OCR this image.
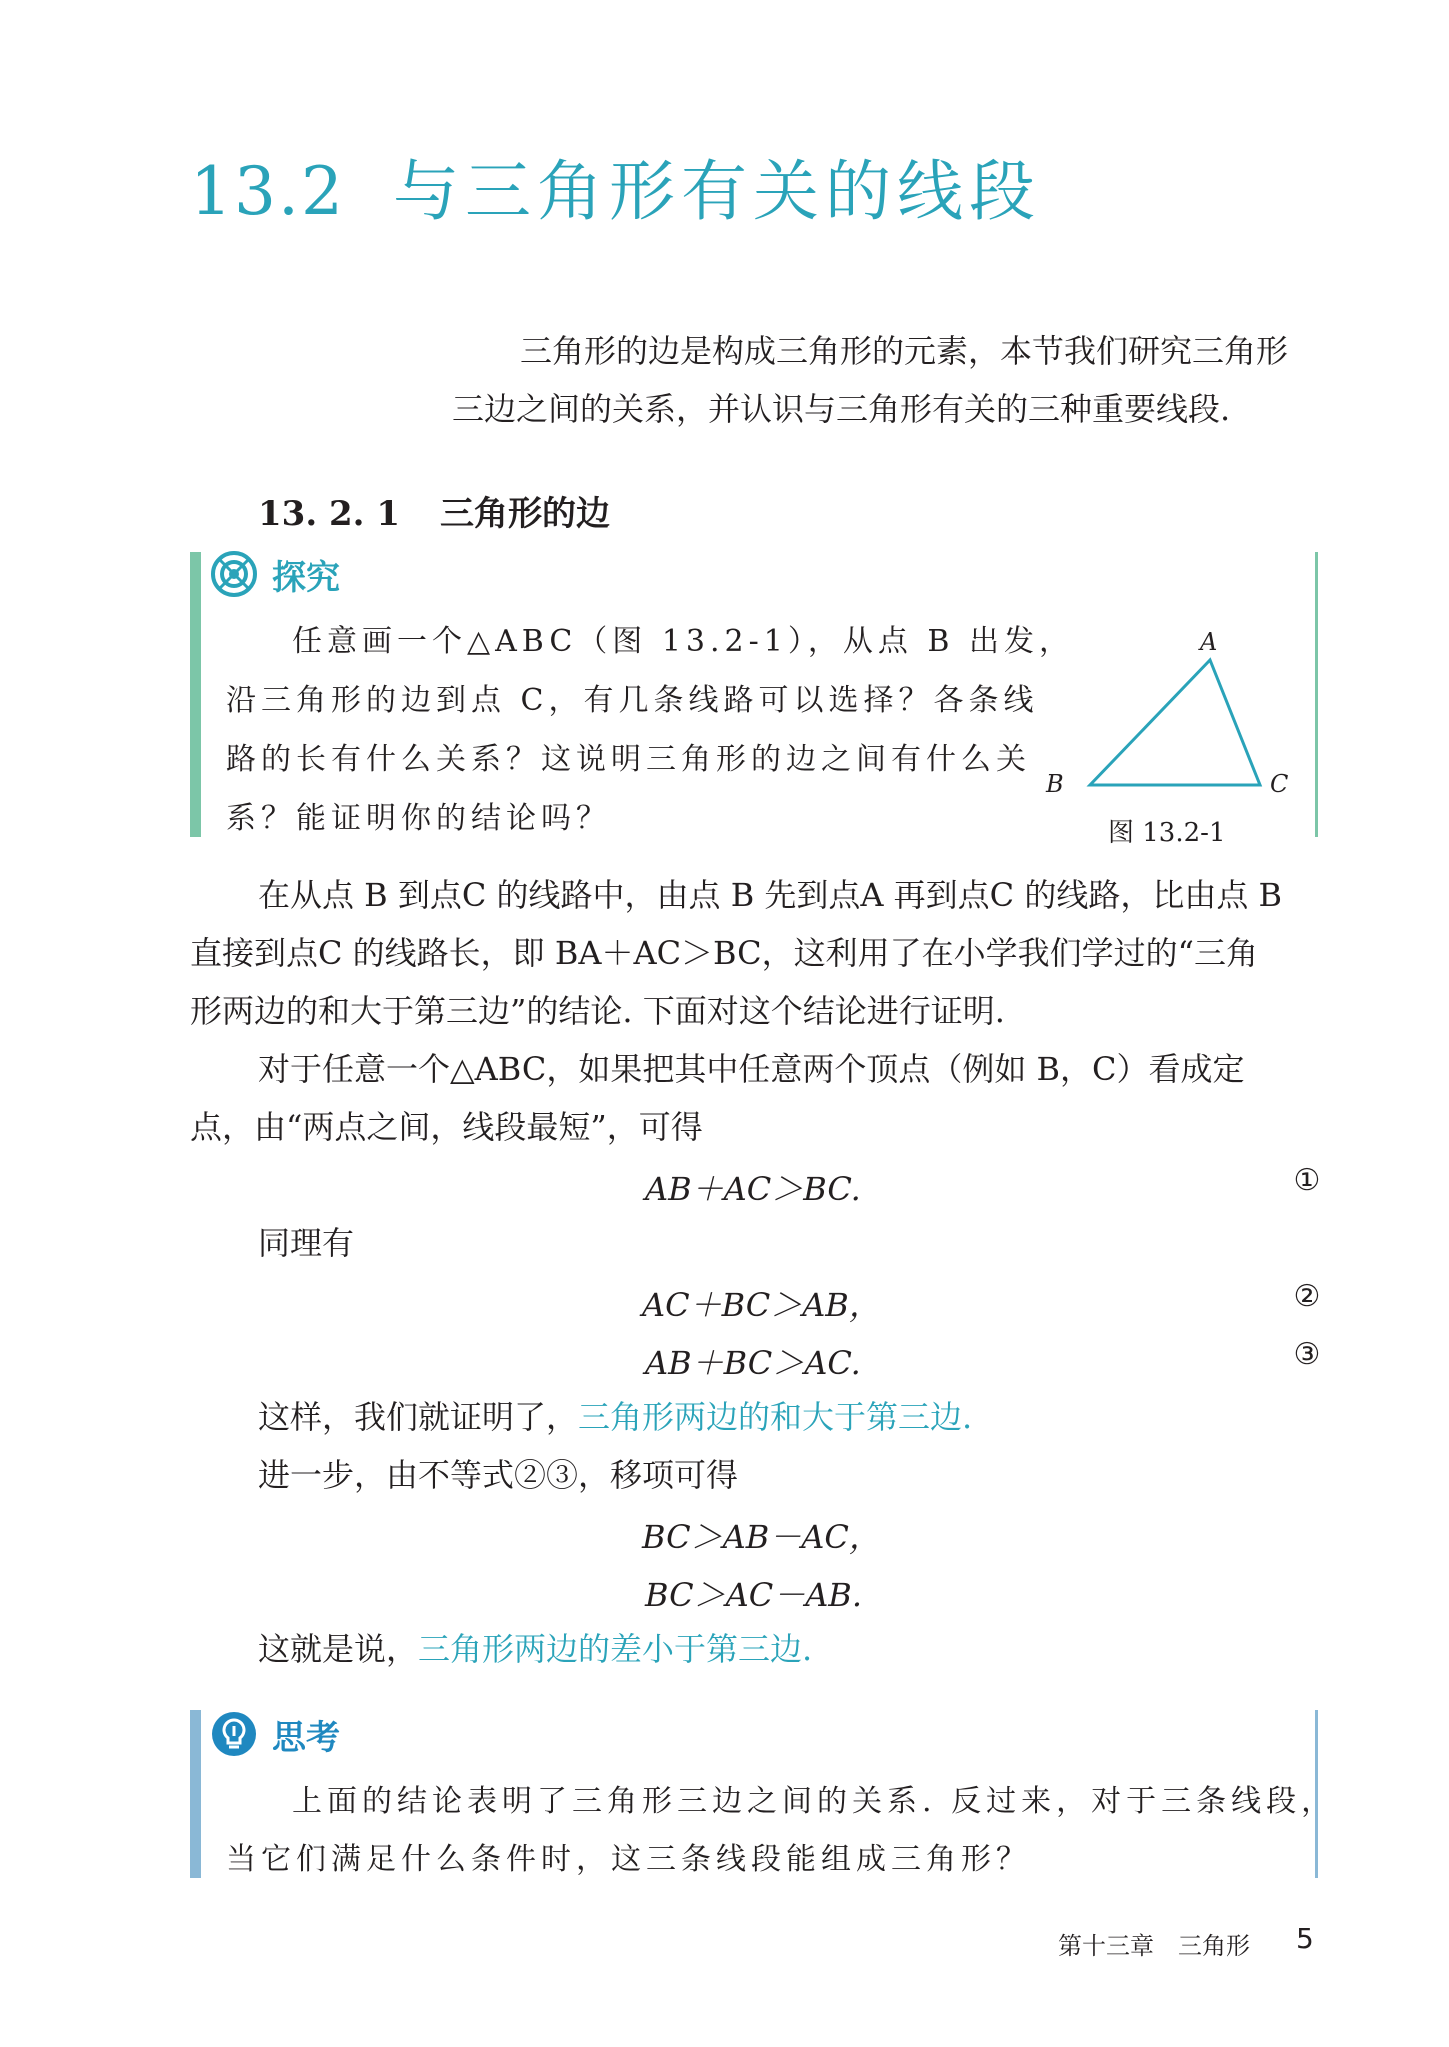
13.2 与三角形有关的线段
三角形的边是构成三角形的元素，本节我们研究三角形
三边之间的关系，并认识与三角形有关的三种重要线段.
13. 2. 1 三角形的边
探究
任意画一个△ABC（图 13.2-1），从点 B 出发，
沿三角形的边到点 C，有几条线路可以选择？各条线
路的长有什么关系？这说明三角形的边之间有什么关
系？能证明你的结论吗？
A
B	C
图 13.2-1
在从点 B 到点C 的线路中，由点 B 先到点A 再到点C 的线路，比由点 B
直接到点C 的线路长，即 BA＋AC＞BC，这利用了在小学我们学过的“三角
形两边的和大于第三边”的结论. 下面对这个结论进行证明.
对于任意一个△ABC，如果把其中任意两个顶点（例如 B，C）看成定
点，由“两点之间，线段最短”，可得
AB＋AC＞BC.	①
同理有
AC＋BC＞AB，	②
AB＋BC＞AC.	③
这样，我们就证明了，三角形两边的和大于第三边.
进一步，由不等式②③，移项可得
BC＞AB－AC，
BC＞AC－AB.
这就是说，三角形两边的差小于第三边.
思考
上面的结论表明了三角形三边之间的关系. 反过来，对于三条线段，
当它们满足什么条件时，这三条线段能组成三角形？
第十三章　三角形 5
